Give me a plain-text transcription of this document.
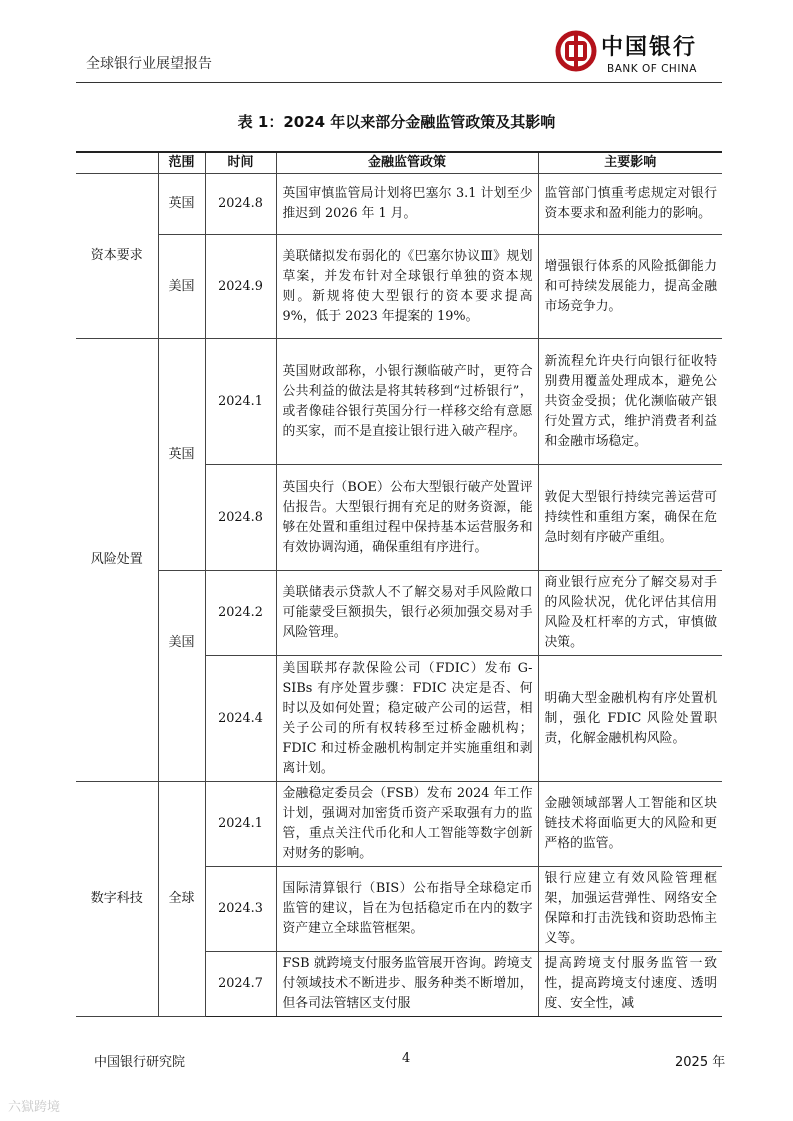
全球银行业展望报告
中国银行
BANK OF CHINA
表 1：2024 年以来部分金融监管政策及其影响
	范围	时间	金融监管政策	主要影响
资本要求	英国	2024.8	英国审慎监管局计划将巴塞尔 3.1 计划至少推迟到 2026 年 1 月。	监管部门慎重考虑规定对银行资本要求和盈利能力的影响。
	美国	2024.9	美联储拟发布弱化的《巴塞尔协议Ⅲ》规划草案，并发布针对全球银行单独的资本规则。新规将使大型银行的资本要求提高 9%，低于 2023 年提案的 19%。	增强银行体系的风险抵御能力和可持续发展能力，提高金融市场竞争力。
风险处置	英国	2024.1	英国财政部称，小银行濒临破产时，更符合公共利益的做法是将其转移到“过桥银行”，或者像硅谷银行英国分行一样移交给有意愿的买家，而不是直接让银行进入破产程序。	新流程允许央行向银行征收特别费用覆盖处理成本，避免公共资金受损；优化濒临破产银行处置方式，维护消费者利益和金融市场稳定。
		2024.8	英国央行（BOE）公布大型银行破产处置评估报告。大型银行拥有充足的财务资源，能够在处置和重组过程中保持基本运营服务和有效协调沟通，确保重组有序进行。	敦促大型银行持续完善运营可持续性和重组方案，确保在危急时刻有序破产重组。
	美国	2024.2	美联储表示贷款人不了解交易对手风险敞口可能蒙受巨额损失，银行必须加强交易对手风险管理。	商业银行应充分了解交易对手的风险状况，优化评估其信用风险及杠杆率的方式，审慎做决策。
		2024.4	美国联邦存款保险公司（FDIC）发布 G-SIBs 有序处置步骤：FDIC 决定是否、何时以及如何处置；稳定破产公司的运营，相关子公司的所有权转移至过桥金融机构；FDIC 和过桥金融机构制定并实施重组和剥离计划。	明确大型金融机构有序处置机制，强化 FDIC 风险处置职责，化解金融机构风险。
数字科技	全球	2024.1	金融稳定委员会（FSB）发布 2024 年工作计划，强调对加密货币资产采取强有力的监管，重点关注代币化和人工智能等数字创新对财务的影响。	金融领域部署人工智能和区块链技术将面临更大的风险和更严格的监管。
		2024.3	国际清算银行（BIS）公布指导全球稳定币监管的建议，旨在为包括稳定币在内的数字资产建立全球监管框架。	银行应建立有效风险管理框架，加强运营弹性、网络安全保障和打击洗钱和资助恐怖主义等。
		2024.7	FSB 就跨境支付服务监管展开咨询。跨境支付领域技术不断进步、服务种类不断增加，但各司法管辖区支付服	提高跨境支付服务监管一致性，提高跨境支付速度、透明度、安全性，减
中国银行研究院	4	2025 年
六獄跨境
